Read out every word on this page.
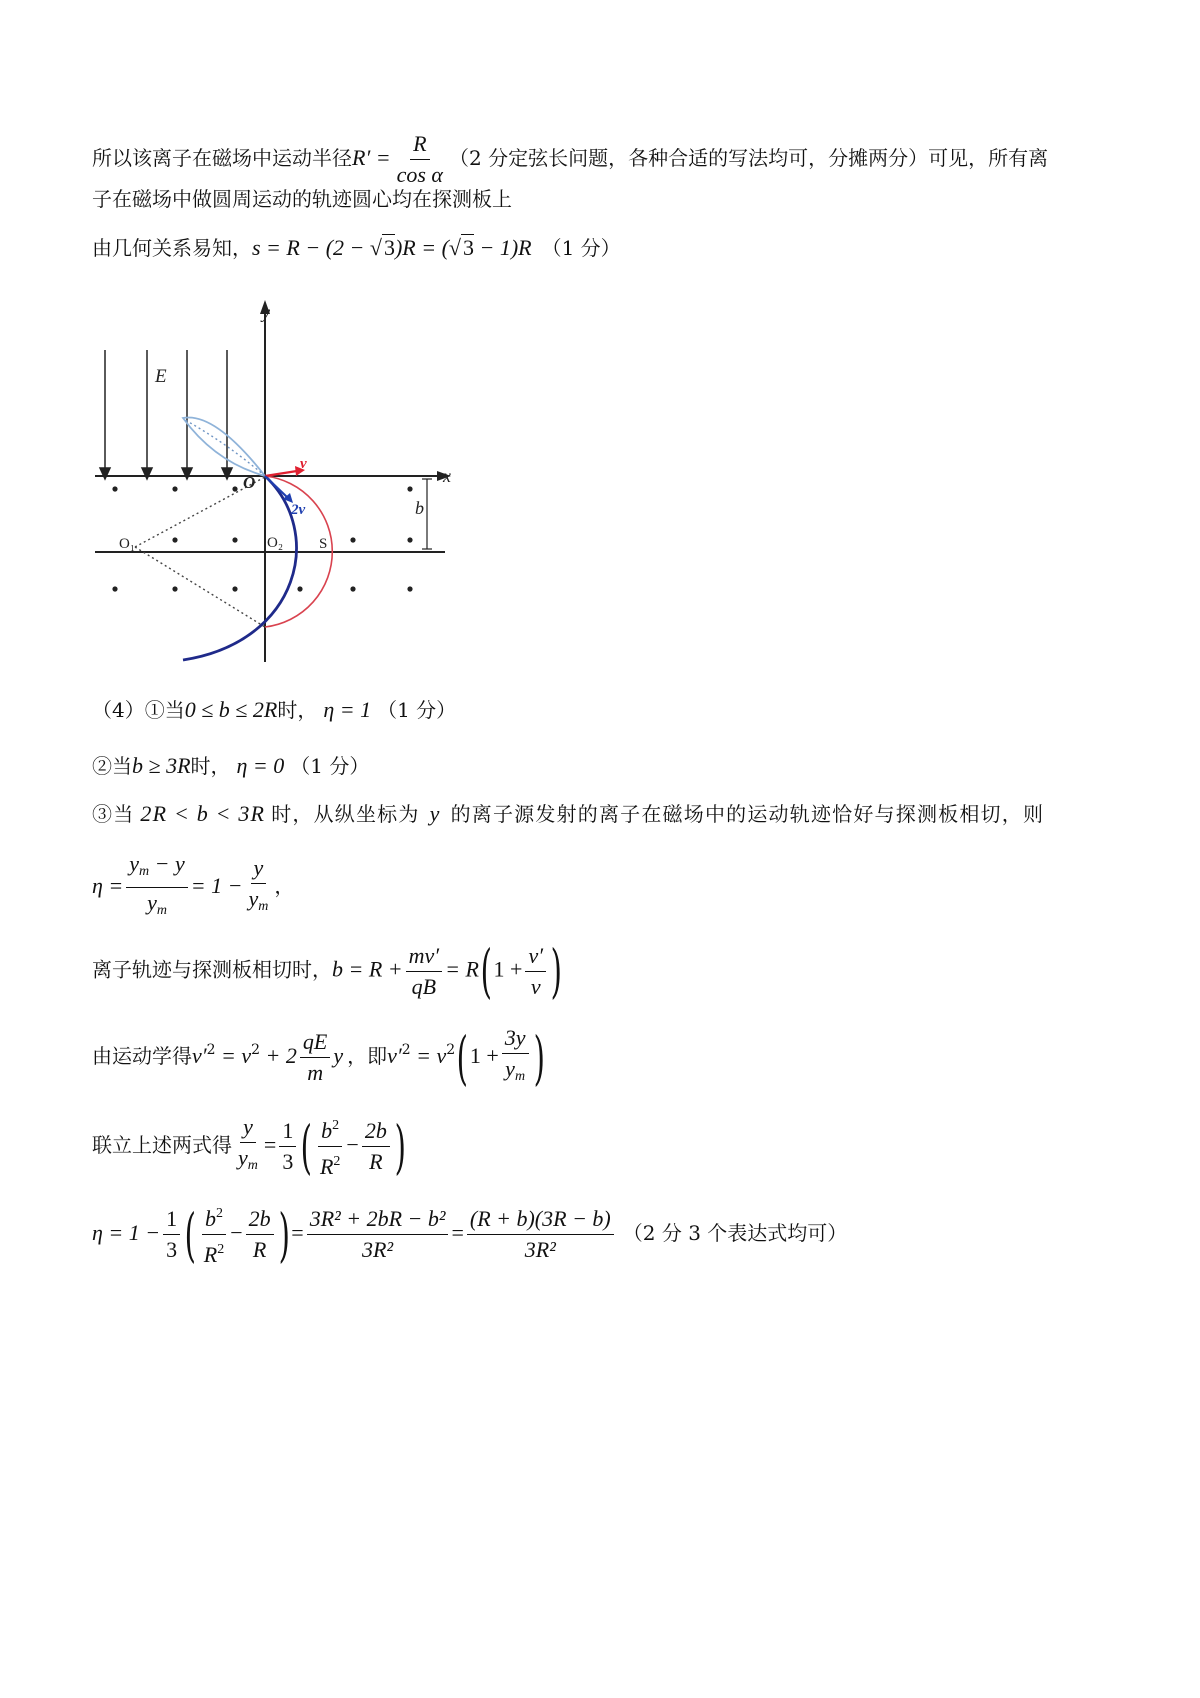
所以该离子在磁场中运动半径$R' = \frac{R}{\text{cos α}} (2$ 分定弦长问题，各种合适的写法均可，分摊两分）可见，所有离
子在磁场中做圆周运动的轨迹圆心均在探测板上
由几何关系易知，s = R − (2 − √3)R = (√3 − 1)R （1 分）
E
y
x
b
v
2v
O
O₁	O₂ S
（4）①当0 ≤ b ≤ 2R时， η = 1 （1 分）
②当b ≥ 3R时， η = 0 （1 分）
③当 2R < b < 3R 时，从纵坐标为 y 的离子源发射的离子在磁场中的运动轨迹恰好与探测板相切，则
$\eta = \frac{y_m - y}{y_m} = 1 - \frac{y}{y_m}$ ，
离子轨迹与探测板相切时，$b = R + \frac{mv'}{qB} = R(1 + \frac{v'}{v}$ )
由运动学得$v'^2 = v^2 + 2 \frac{qE}{m}$ y ，即$v'^2 = v^2(1 + \frac{3y}{y_m}$ )
联立上述两式得 $\frac{y}{y_m} = \frac{1}{3}$ ( $\frac{b^2}{R^2} - \frac{2b}{R}$ )
$\eta = 1 - \frac{1}{3}$ ( $\frac{b^2}{R^2} - \frac{2b}{R}$ )= $\frac{\text{3R² + 2bR − b²}}{\text{3R²}} = \frac{(R + b)(3R - b)}{\text{3R²}} (2$ 分 3 个表达式均可）
